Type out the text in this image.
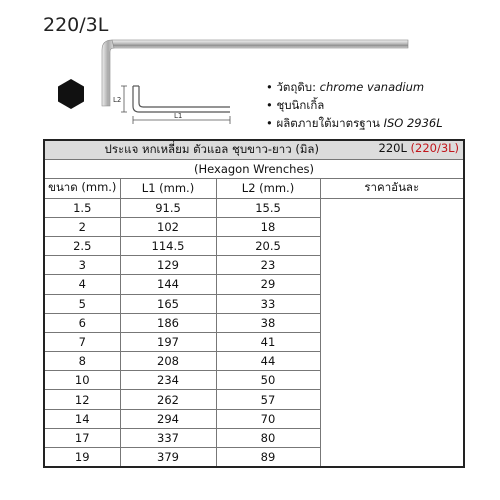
220/3L
L2
L1
• วัตถุดิบ: chrome vanadium
• ชุบนิกเกิ้ล
• ผลิตภายใต้มาตรฐาน ISO 2936L
ประแจ หกเหลี่ยม ตัวแอล ชุบขาว-ยาว (มิล) 220L (220/3L)			

(Hexagon Wrenches)			
ขนาด (mm.)	L1 (mm.)	L2 (mm.)	ราคาอันละ
1.5	91.5	15.5	
2	102	18	
2.5	114.5	20.5	
3	129	23	
4	144	29	
5	165	33	
6	186	38	
7	197	41	
8	208	44	
10	234	50	
12	262	57	
14	294	70	
17	337	80	
19	379	89	
